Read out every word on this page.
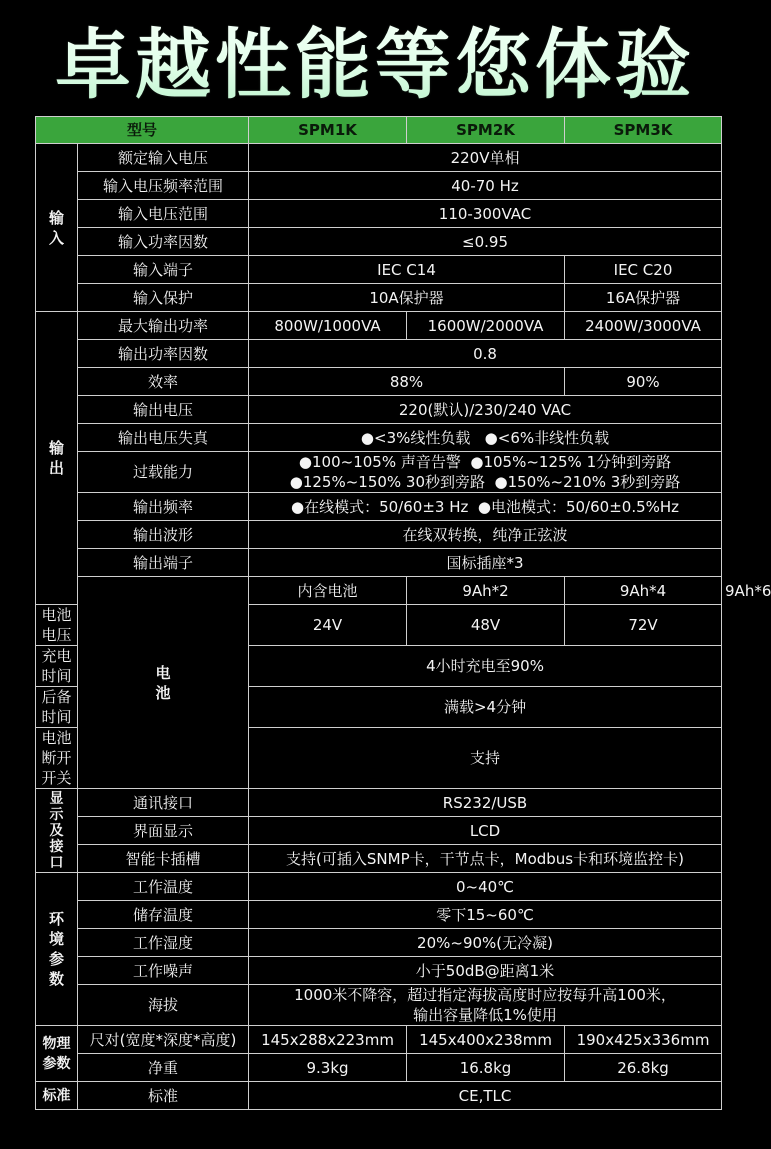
卓越性能等您体验
型号		SPM1K	SPM2K	SPM3K	
输
入	额定输入电压	220V单相			
	输入电压频率范围	40-70 Hz			
	输入电压范围	110-300VAC			
	输入功率因数	≤0.95			
	输入端子	IEC C14		IEC C20	
	输入保护	10A保护器		16A保护器	
输
出	最大输出功率	800W/1000VA	1600W/2000VA	2400W/3000VA	
	输出功率因数	0.8			
	效率	88%		90%	
	输出电压	220(默认)/230/240 VAC			
	输出电压失真	●<3%线性负载   ●<6%非线性负载			
	过载能力	●100~105% 声音告警  ●105%~125% 1分钟到旁路
●125%~150% 30秒到旁路  ●150%~210% 3秒到旁路			

	输出频率	●在线模式：50/60±3 Hz  ●电池模式：50/60±0.5%Hz			
	输出波形	在线双转换，纯净正弦波			
	输出端子	国标插座*3			
	电
池	内含电池	9Ah*2	9Ah*4	9Ah*6
电池电压		24V	48V	72V	
充电时间		4小时充电至90%			
后备时间		满载>4分钟			
电池断开开关		支持			
显
示
及
接
口	通讯接口	RS232/USB			
	界面显示	LCD			
	智能卡插槽	支持(可插入SNMP卡，干节点卡，Modbus卡和环境监控卡)			
环
境
参
数	工作温度	0~40℃			
	储存温度	零下15~60℃			
	工作湿度	20%~90%(无冷凝)			
	工作噪声	小于50dB@距离1米			
	海拔	1000米不降容，超过指定海拔高度时应按每升高100米，
输出容量降低1%使用			

物理
参数	尺对(宽度*深度*高度)	145x288x223mm	145x400x238mm	190x425x336mm	
	净重	9.3kg	16.8kg	26.8kg	
标准	标准	CE,TLC			
